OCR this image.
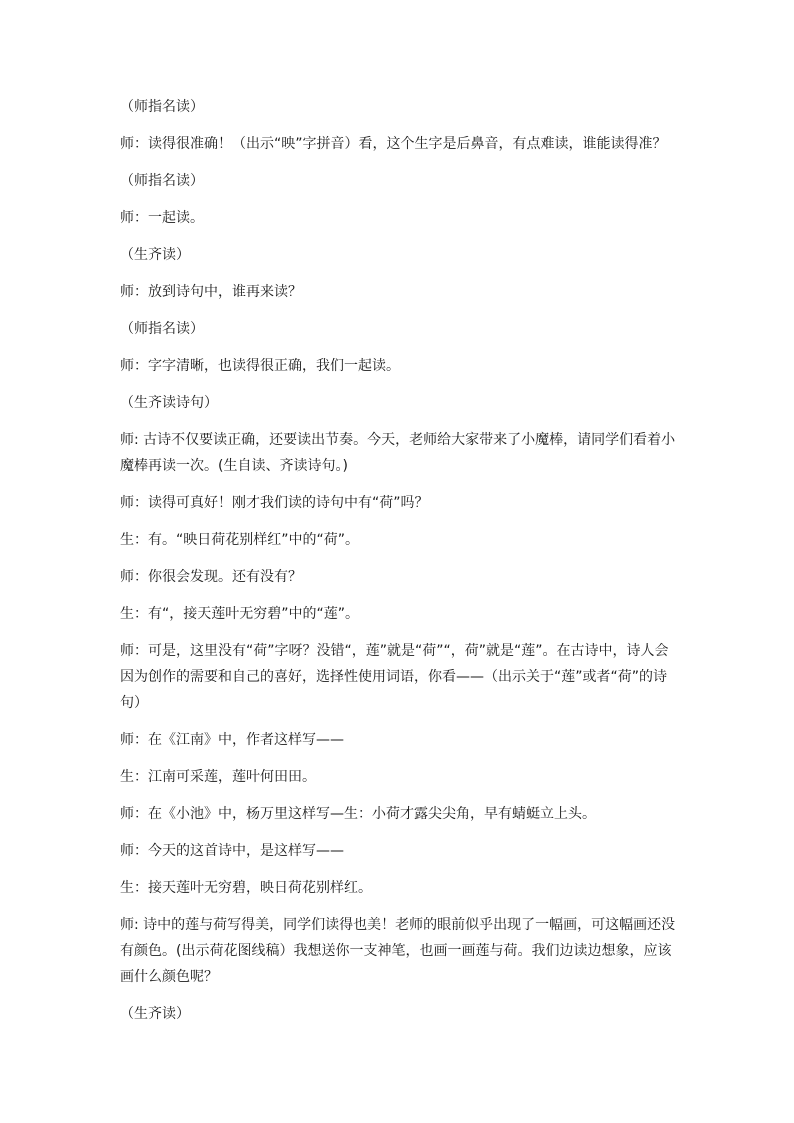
（师指名读）

师：读得很准确！（出示“映”字拼音）看，这个生字是后鼻音，有点难读，谁能读得准？

（师指名读）

师：一起读。

（生齐读）

师：放到诗句中，谁再来读？

（师指名读）

师：字字清晰，也读得很正确，我们一起读。

（生齐读诗句）

师: 古诗不仅要读正确，还要读出节奏。今天，老师给大家带来了小魔棒，请同学们看着小魔棒再读一次。(生自读、齐读诗句。)

师：读得可真好！刚才我们读的诗句中有“荷”吗？

生：有。“映日荷花别样红”中的“荷”。

师：你很会发现。还有没有？

生：有“，接天莲叶无穷碧”中的“莲”。

师：可是，这里没有“荷”字呀？没错“，莲”就是“荷”“，荷”就是“莲”。在古诗中，诗人会因为创作的需要和自己的喜好，选择性使用词语，你看——（出示关于“莲”或者“荷”的诗句）

师：在《江南》中，作者这样写——

生：江南可采莲，莲叶何田田。

师：在《小池》中，杨万里这样写—生：小荷才露尖尖角，早有蜻蜓立上头。

师：今天的这首诗中，是这样写——

生：接天莲叶无穷碧，映日荷花别样红。

师: 诗中的莲与荷写得美，同学们读得也美！老师的眼前似乎出现了一幅画，可这幅画还没有颜色。(出示荷花图线稿）我想送你一支神笔，也画一画莲与荷。我们边读边想象，应该画什么颜色呢？

（生齐读）
